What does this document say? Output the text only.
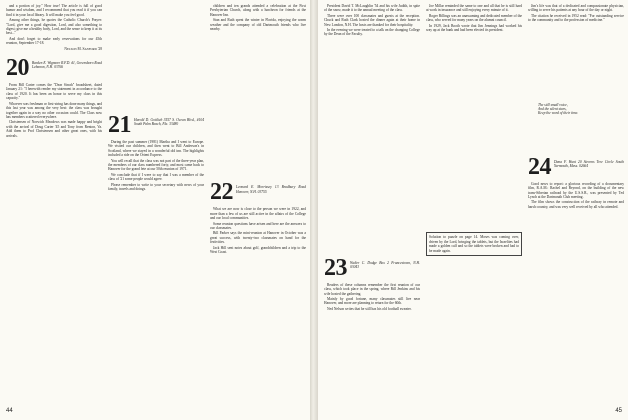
and a portion of joy." How true! The article is full of good humor and wisdom, and I recommend that you read it if you can find it in your local library. It will make you feel good.

Among other things, he quotes the Catholic Church's Prayer: "Lord, give me a good digestion, Lord, and also something to digest; give me a healthy body, Lord, and the sense to keep it at its best..."

And don't forget to make early reservations for our 45th reunion, September 17-18.

Nelson M. Sanford '28

20 Barden E. Wigmore R.F.D. #1, Greensboro Road Lebanon, N.H. 03766

From Bill Carter comes the "Dear Sirrah" broadsheet, dated January 21: "I herewith render my statement in accordance to the class of 1920. It has been an honor to serve my class in this capacity."

Whoever was freshman or first-string has done many things, and this last year was among the very best: the class was brought together again in a way no other occasion could. The Class now has members scattered everywhere.

Christensen of Norwich Meadows was made happy and bright with the arrival of Doug Carter '45 and Tony from Renton, Va. Add them to Prof Christensen and other great ones, with his arrivals.	21 Harold D. Gottlieb 3557 S. Ocean Blvd., #104 South Palm Beach, Fla. 33480

During the past summer (1981) Martha and I went to Europe. We visited our children, and then went to Bill Anderson's in Scotland, where we stayed in a wonderful old inn. The highlights included a ride on the Orient Express.

You will recall that the class was not part of the three-year plan, the members of our class numbered forty, and most came back to Hanover for the grand fete at our 50th reunion of 1971.

We conclude that if I were to say that I was a member of the class of '21 some people would agree.

Please remember to write to your secretary with news of your family, travels and doings.

children and ten grands attended a celebration at the First Presbyterian Church, along with a luncheon for friends at the Hanover Inn.

Stan and Ruth spent the winter in Florida, enjoying the warm weather and the company of old Dartmouth friends who live nearby.

22 Leonard E. Morrissey 13 Bradbury Road Hanover, N.H. 03755

What we are now is close to the person we were in 1922, and more than a few of us are still active in the affairs of the College and our local communities.

Some reunion questions have arisen and here are the answers to our classmates.

Bill Parker says the mini-reunion at Hanover in October was a great success, with twenty-two classmates on hand for the festivities.

Jack Hill sent notes about golf, grandchildren and a trip to the West Coast.

44

President David T. McLaughlin '54 and his wife Judith, in spite of the snow, made it to the annual meeting of the class.

There were over 100 classmates and guests at the reception. Chuck and Ruth Clark hosted the dinner again at their home in New London, N.H. The hosts are thanked for their hospitality.

In the evening we were treated to a talk on the changing College by the Dean of the Faculty.

23 Walter C. Dodge Box 2 Francestown, N.H. 03043

Readers of these columns remember the first reunion of our class, which took place in the spring, where Bill Jenkins and his wife hosted the gathering.

Mainly by good fortune, many classmates still live near Hanover, and more are planning to return for the 60th.

Ned Nelson writes that he still has his old football sweater.

Joe Millar reminded the same to one and all that he is still hard at work in insurance and still enjoying every minute of it.

Roger Billings was an unassuming and dedicated member of the class, who served for many years on the alumni council.

In 1929, Jack Booth wrote that Jim Jennings had worked his way up at the bank and had been elected its president.

Solution to puzzle on page 14. Moses was coming over, driven by the Lord, bringing the tablets, but the Israelites had made a golden calf and so the tablets were broken and had to be made again.

Jim's life was that of a dedicated and compassionate physician, willing to serve his patients at any hour of the day or night.

The citation he received in 1952 read: "For outstanding service to the community and to the profession of medicine."

The still small voice,
And the silent stars,
Keep the word of their time.
24 Dana F. Hunt 20 Stevens Tree Circle South Yarmouth, Mass. 02664

Good news to report: a glorious recording of a documentary film, R.A.M.: Rachel and Beyond, on the building of the new trans-Siberian railroad by the U.S.S.R., was presented by Ted Lynch at the Dartmouth Club meeting.

The film shows the construction of the railway in remote and harsh country, and was very well received by all who attended.

45
